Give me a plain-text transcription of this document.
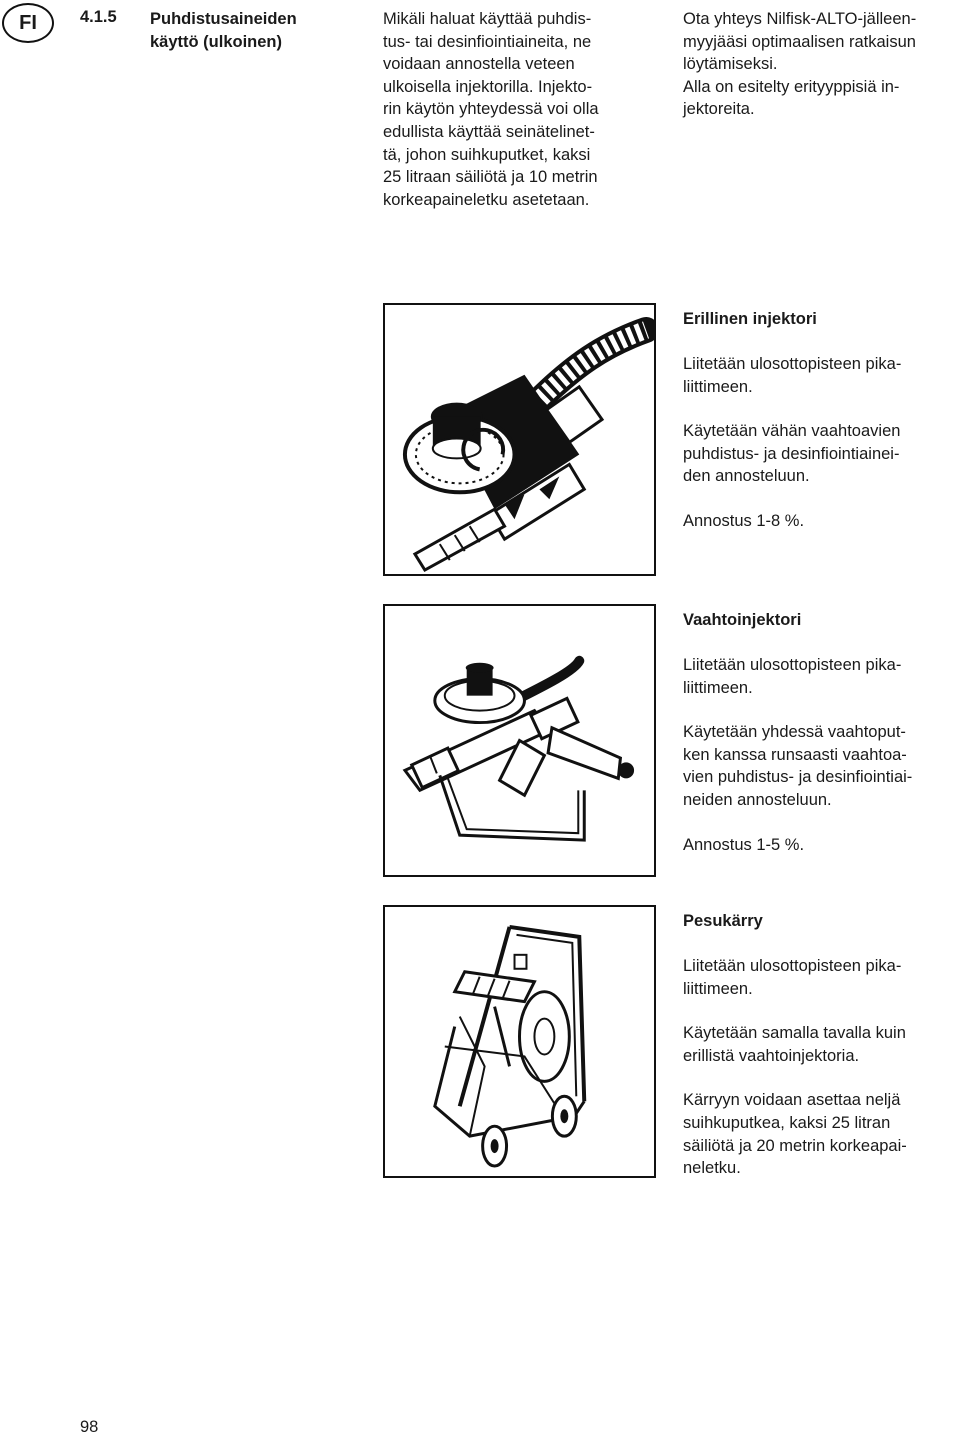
FI	4.1.5 Puhdistusaineiden
käyttö (ulkoinen)
Mikäli haluat käyttää puhdis-
tus- tai desinfiointiaineita, ne
voidaan annostella veteen
ulkoisella injektorilla. Injekto-
rin käytön yhteydessä voi olla
edullista käyttää seinätelinet-
tä, johon suihkuputket, kaksi
25 litraan säiliötä ja 10 metrin
korkeapaineletku asetetaan.
Ota yhteys Nilfisk-ALTO-jälleen-
myyjääsi optimaalisen ratkaisun
löytämiseksi.
Alla on esitelty erityyppisiä in-
jektoreita.
Erillinen injektori

Liitetään ulosottopisteen pika-
liittimeen.

Käytetään vähän vaahtoavien
puhdistus- ja desinfiointiainei-
den annosteluun.

Annostus 1-8 %.

Vaahtoinjektori

Liitetään ulosottopisteen pika-
liittimeen.

Käytetään yhdessä vaahtoput-
ken kanssa runsaasti vaahtoa-
vien puhdistus- ja desinfiointiai-
neiden annosteluun.

Annostus 1-5 %.

Pesukärry

Liitetään ulosottopisteen pika-
liittimeen.

Käytetään samalla tavalla kuin
erillistä vaahtoinjektoria.

Kärryyn voidaan asettaa neljä
suihkuputkea, kaksi 25 litran
säiliötä ja 20 metrin korkeapai-
neletku.

98
